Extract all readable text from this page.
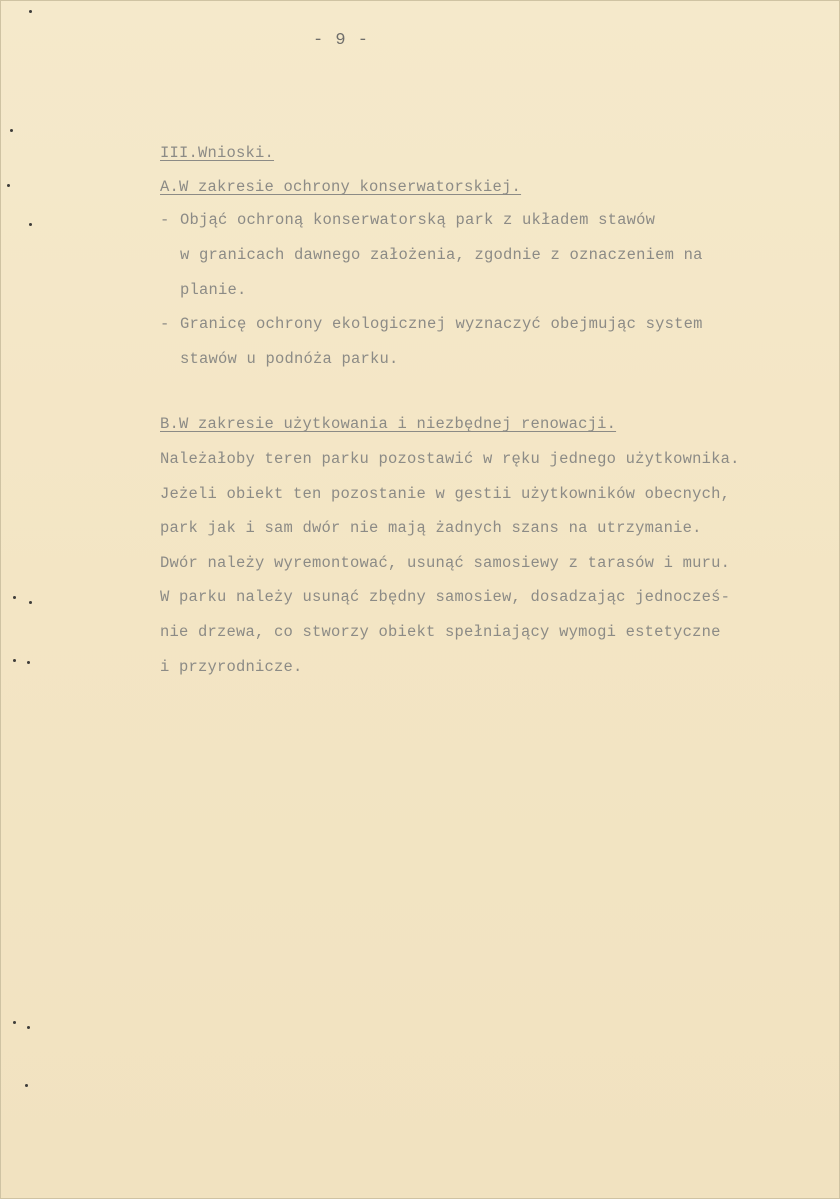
- 9 -
III.Wnioski.
A.W zakresie ochrony konserwatorskiej.
- Objąć ochroną konserwatorską park z układem stawów
w granicach dawnego założenia, zgodnie z oznaczeniem na
planie.
- Granicę ochrony ekologicznej wyznaczyć obejmując system
stawów u podnóża parku.
B.W zakresie użytkowania i niezbędnej renowacji.
Należałoby teren parku pozostawić w ręku jednego użytkownika.
Jeżeli obiekt ten pozostanie w gestii użytkowników obecnych,
park jak i sam dwór nie mają żadnych szans na utrzymanie.
Dwór należy wyremontować, usunąć samosiewy z tarasów i muru.
W parku należy usunąć zbędny samosiew, dosadzając jednocześ-
nie drzewa, co stworzy obiekt spełniający wymogi estetyczne
i przyrodnicze.
